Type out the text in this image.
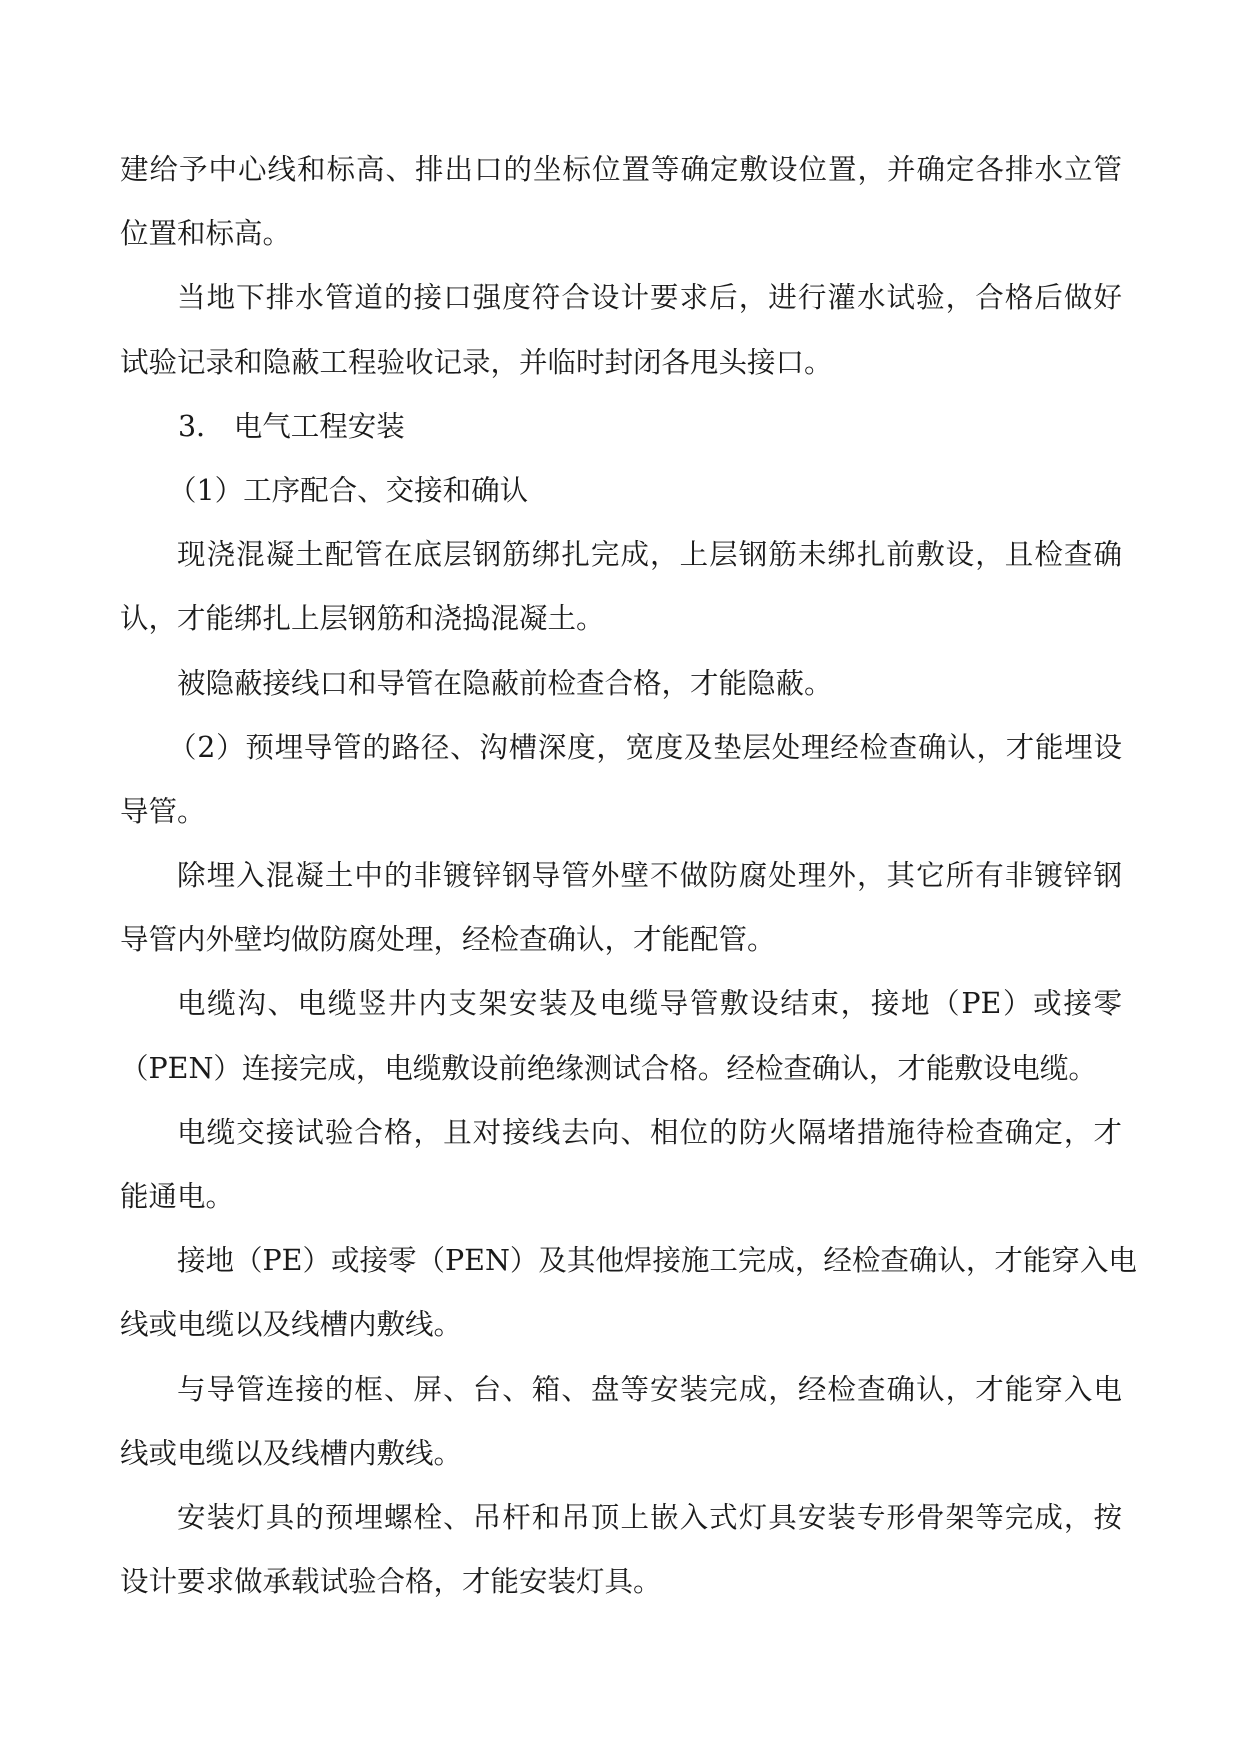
建给予中心线和标高、排出口的坐标位置等确定敷设位置，并确定各排水立管
位置和标高。
当地下排水管道的接口强度符合设计要求后，进行灌水试验，合格后做好
试验记录和隐蔽工程验收记录，并临时封闭各甩头接口。
3． 电气工程安装
（1）工序配合、交接和确认
现浇混凝土配管在底层钢筋绑扎完成，上层钢筋未绑扎前敷设，且检查确
认，才能绑扎上层钢筋和浇捣混凝土。
被隐蔽接线口和导管在隐蔽前检查合格，才能隐蔽。
（2）预埋导管的路径、沟槽深度，宽度及垫层处理经检查确认，才能埋设
导管。
除埋入混凝土中的非镀锌钢导管外壁不做防腐处理外，其它所有非镀锌钢
导管内外壁均做防腐处理，经检查确认，才能配管。
电缆沟、电缆竖井内支架安装及电缆导管敷设结束，接地（PE）或接零
（PEN）连接完成，电缆敷设前绝缘测试合格。经检查确认，才能敷设电缆。
电缆交接试验合格，且对接线去向、相位的防火隔堵措施待检查确定，才
能通电。
接地（PE）或接零（PEN）及其他焊接施工完成，经检查确认，才能穿入电
线或电缆以及线槽内敷线。
与导管连接的框、屏、台、箱、盘等安装完成，经检查确认，才能穿入电
线或电缆以及线槽内敷线。
安装灯具的预埋螺栓、吊杆和吊顶上嵌入式灯具安装专形骨架等完成，按
设计要求做承载试验合格，才能安装灯具。
